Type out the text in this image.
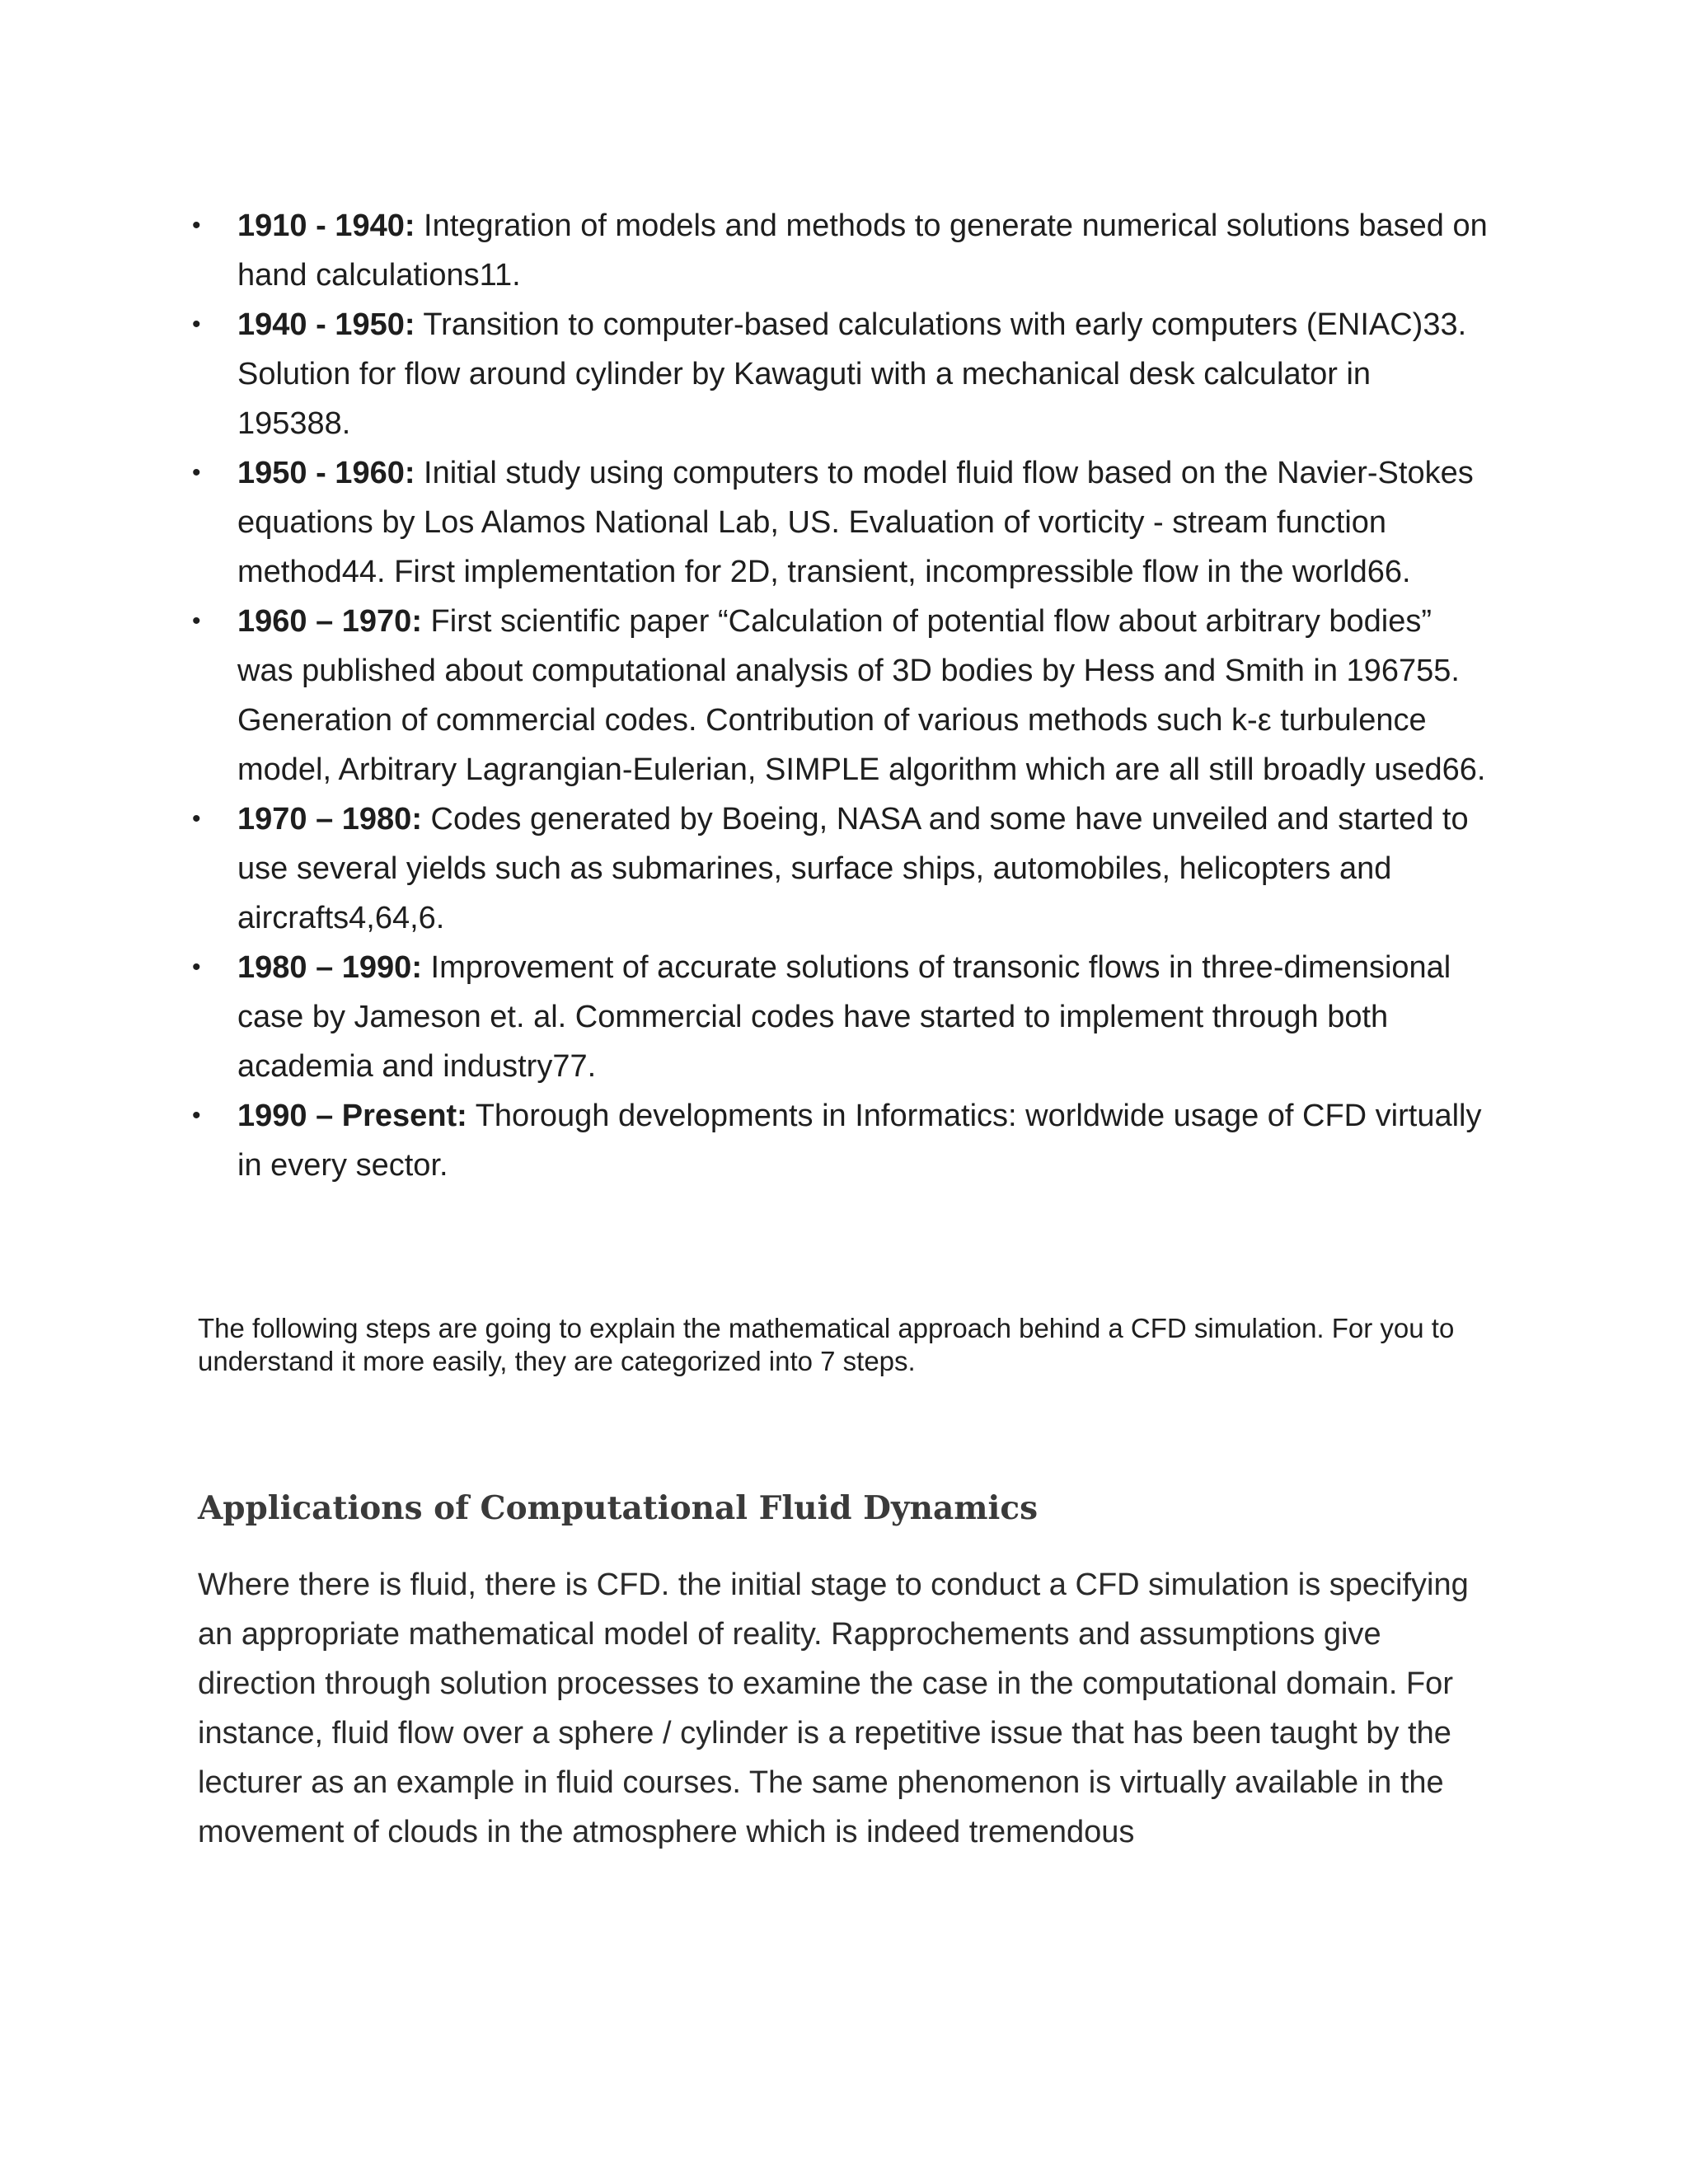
• 1910 - 1940: Integration of models and methods to generate numerical solutions based on hand calculations11.
• 1940 - 1950: Transition to computer-based calculations with early computers (ENIAC)33. Solution for flow around cylinder by Kawaguti with a mechanical desk calculator in 195388.
• 1950 - 1960: Initial study using computers to model fluid flow based on the Navier-Stokes equations by Los Alamos National Lab, US. Evaluation of vorticity - stream function method44. First implementation for 2D, transient, incompressible flow in the world66.
• 1960 – 1970: First scientific paper “Calculation of potential flow about arbitrary bodies” was published about computational analysis of 3D bodies by Hess and Smith in 196755. Generation of commercial codes. Contribution of various methods such k-ε turbulence model, Arbitrary Lagrangian-Eulerian, SIMPLE algorithm which are all still broadly used66.
• 1970 – 1980: Codes generated by Boeing, NASA and some have unveiled and started to use several yields such as submarines, surface ships, automobiles, helicopters and aircrafts4,64,6.
• 1980 – 1990: Improvement of accurate solutions of transonic flows in three-dimensional case by Jameson et. al. Commercial codes have started to implement through both academia and industry77.
• 1990 – Present: Thorough developments in Informatics: worldwide usage of CFD virtually in every sector.

The following steps are going to explain the mathematical approach behind a CFD simulation. For you to understand it more easily, they are categorized into 7 steps.

Applications of Computational Fluid Dynamics

Where there is fluid, there is CFD. the initial stage to conduct a CFD simulation is specifying an appropriate mathematical model of reality. Rapprochements and assumptions give direction through solution processes to examine the case in the computational domain. For instance, fluid flow over a sphere / cylinder is a repetitive issue that has been taught by the lecturer as an example in fluid courses. The same phenomenon is virtually available in the movement of clouds in the atmosphere which is indeed tremendous
